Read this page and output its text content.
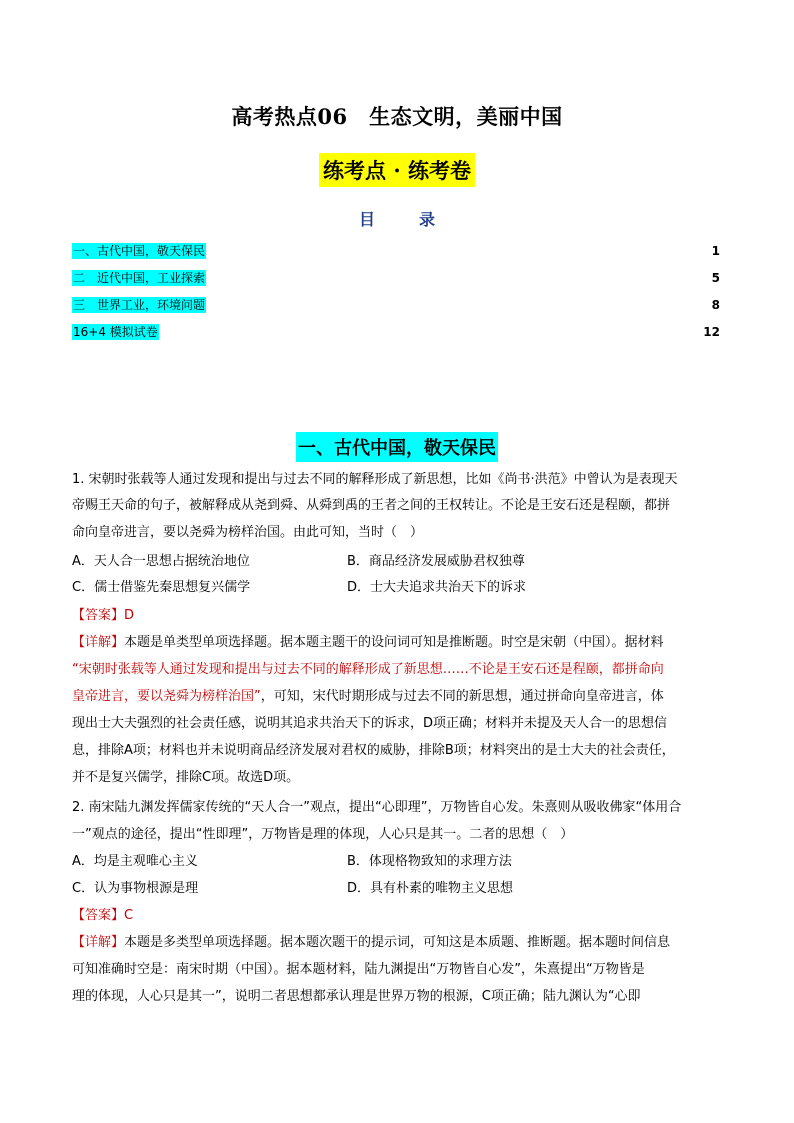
高考热点06　生态文明，美丽中国
练考点 · 练考卷
目　录
一、古代中国，敬天保民	1
二　近代中国，工业探索	5
三　世界工业，环境问题	8
16+4 模拟试卷	12
一、古代中国，敬天保民
1. 宋朝时张载等人通过发现和提出与过去不同的解释形成了新思想，比如《尚书·洪范》中曾认为是表现天
帝赐王天命的句子，被解释成从尧到舜、从舜到禹的王者之间的王权转让。不论是王安石还是程颐，都拼
命向皇帝进言，要以尧舜为榜样治国。由此可知，当时（　）
A．天人合一思想占据统治地位	B．商品经济发展威胁君权独尊
C．儒士借鉴先秦思想复兴儒学	D．士大夫追求共治天下的诉求
【答案】D
【详解】本题是单类型单项选择题。据本题主题干的设问词可知是推断题。时空是宋朝（中国）。据材料
“宋朝时张载等人通过发现和提出与过去不同的解释形成了新思想……不论是王安石还是程颐，都拼命向
皇帝进言，要以尧舜为榜样治国”，可知，宋代时期形成与过去不同的新思想，通过拼命向皇帝进言，体
现出士大夫强烈的社会责任感，说明其追求共治天下的诉求，D项正确；材料并未提及天人合一的思想信
息，排除A项；材料也并未说明商品经济发展对君权的威胁，排除B项；材料突出的是士大夫的社会责任，
并不是复兴儒学，排除C项。故选D项。
2. 南宋陆九渊发挥儒家传统的“天人合一”观点，提出“心即理”，万物皆自心发。朱熹则从吸收佛家“体用合
一”观点的途径，提出“性即理”，万物皆是理的体现，人心只是其一。二者的思想（　）
A．均是主观唯心主义	B．体现格物致知的求理方法
C．认为事物根源是理	D．具有朴素的唯物主义思想
【答案】C
【详解】本题是多类型单项选择题。据本题次题干的提示词，可知这是本质题、推断题。据本题时间信息
可知准确时空是：南宋时期（中国）。据本题材料，陆九渊提出“万物皆自心发”，朱熹提出“万物皆是
理的体现，人心只是其一”，说明二者思想都承认理是世界万物的根源，C项正确；陆九渊认为“心即
